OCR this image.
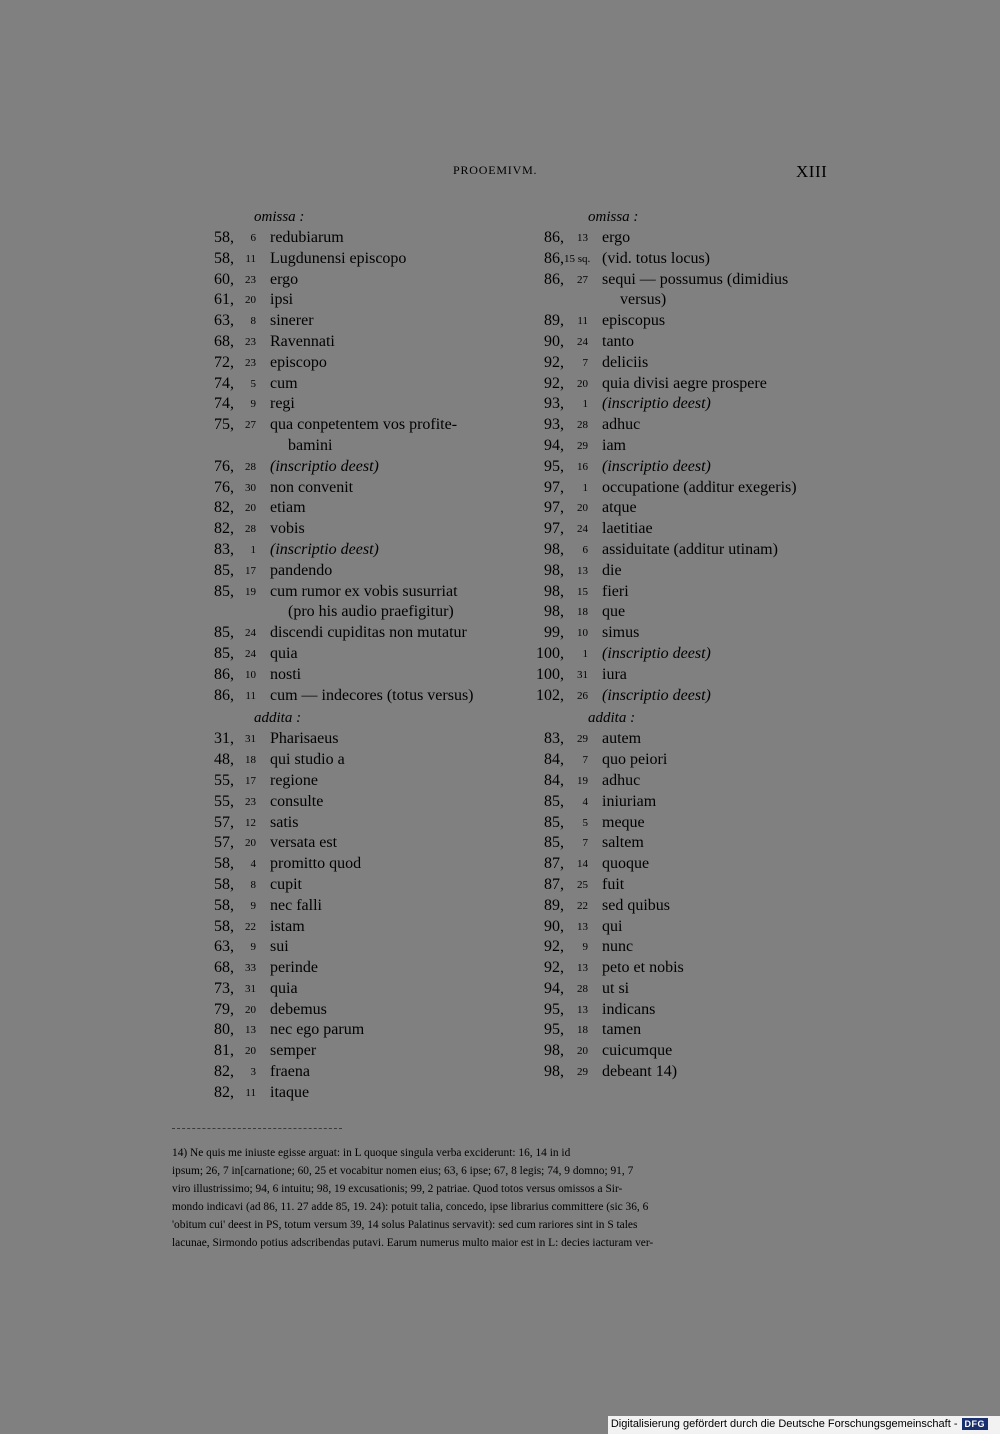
PROOEMIVM.	XIII
omissa :
58,	6 redubiarum
58,	11 Lugdunensi episcopo
60,	23 ergo
61,	20 ipsi
63,	8 sinerer
68,	23 Ravennati
72,	23 episcopo
74,	5 cum
74,	9 regi
75,	27 qua conpetentem vos profite-
bamini
76,	28 (inscriptio deest)
76,	30 non convenit
82,	20 etiam
82,	28 vobis
83,	1 (inscriptio deest)
85,	17 pandendo
85,	19 cum rumor ex vobis susurriat
(pro his audio praefigitur)
85,	24 discendi cupiditas non mutatur
85,	24 quia
86,	10 nosti
86,	11 cum — indecores (totus versus)
addita :
31,	31 Pharisaeus
48,	18 qui studio a
55,	17 regione
55,	23 consulte
57,	12 satis
57,	20 versata est
58,	4 promitto quod
58,	8 cupit
58,	9 nec falli
58,	22 istam
63,	9 sui
68,	33 perinde
73,	31 quia
79,	20 debemus
80,	13 nec ego parum
81,	20 semper
82,	3 fraena
82,	11 itaque
omissa :
86,	13 ergo
86, 15 sq. (vid. totus locus)
86,	27 sequi — possumus (dimidius
versus)
89,	11 episcopus
90,	24 tanto
92,	7 deliciis
92,	20 quia divisi aegre prospere
93,	1 (inscriptio deest)
93,	28 adhuc
94,	29 iam
95,	16 (inscriptio deest)
97,	1 occupatione (additur exegeris)
97,	20 atque
97,	24 laetitiae
98,	6 assiduitate (additur utinam)
98,	13 die
98,	15 fieri
98,	18 que
99,	10 simus
100,	1 (inscriptio deest)
100,	31 iura
102,	26 (inscriptio deest)
addita :
83,	29 autem
84,	7 quo peiori
84,	19 adhuc
85,	4 iniuriam
85,	5 meque
85,	7 saltem
87,	14 quoque
87,	25 fuit
89,	22 sed quibus
90,	13 qui
92,	9 nunc
92,	13 peto et nobis
94,	28 ut si
95,	13 indicans
95,	18 tamen
98,	20 cuicumque
98,	29 debeant 14)
14) Ne quis me iniuste egisse arguat: in L quoque singula verba exciderunt: 16, 14 in id
ipsum; 26, 7 in[carnatione; 60, 25 et vocabitur nomen eius; 63, 6 ipse; 67, 8 legis; 74, 9 domno; 91, 7
viro illustrissimo; 94, 6 intuitu; 98, 19 excusationis; 99, 2 patriae. Quod totos versus omissos a Sir-
mondo indicavi (ad 86, 11. 27 adde 85, 19. 24): potuit talia, concedo, ipse librarius committere (sic 36, 6
'obitum cui' deest in PS, totum versum 39, 14 solus Palatinus servavit): sed cum rariores sint in S tales
lacunae, Sirmondo potius adscribendas putavi. Earum numerus multo maior est in L: decies iacturam ver-
Digitalisierung gefördert durch die Deutsche Forschungsgemeinschaft - DFG
